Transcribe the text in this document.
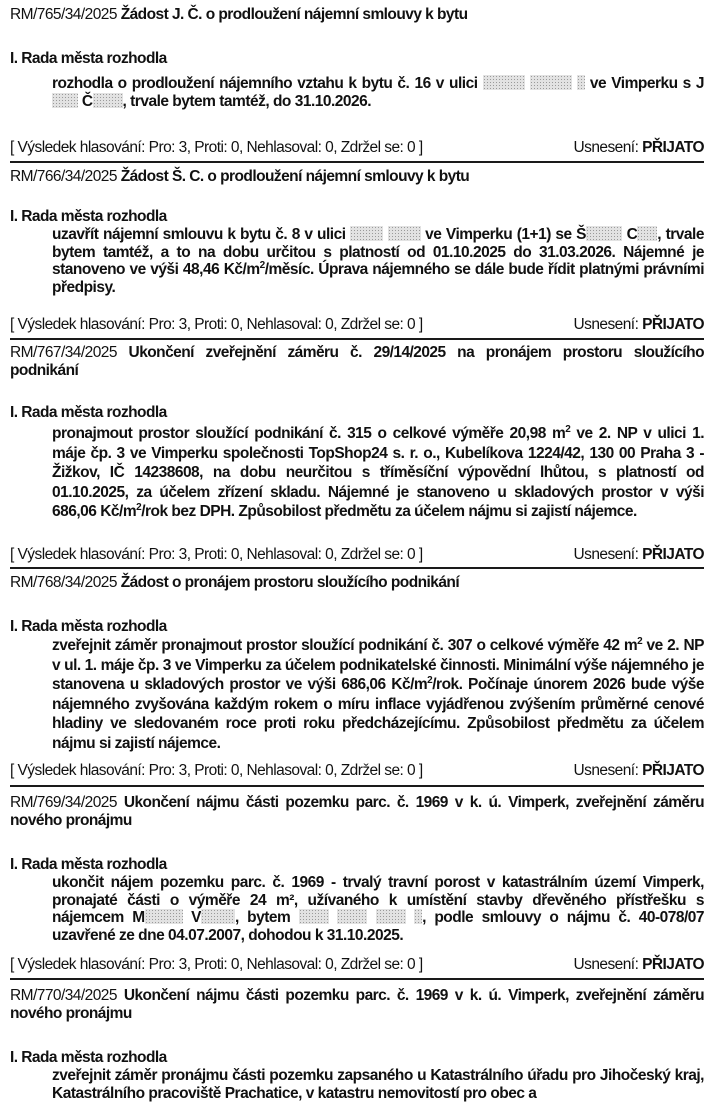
RM/765/34/2025 Žádost J. Č. o prodloužení nájemní smlouvy k bytu
I. Rada města rozhodla
rozhodla o prodloužení nájemního vztahu k bytu č. 16 v ulici	ve Vimperku s J Č , trvale bytem tamtéž, do 31.10.2026.
[ Výsledek hlasování: Pro: 3, Proti: 0, Nehlasoval: 0, Zdržel se: 0 ]	Usnesení: PŘIJATO
RM/766/34/2025 Žádost Š. C. o prodloužení nájemní smlouvy k bytu
I. Rada města rozhodla
uzavřít nájemní smlouvu k bytu č. 8 v ulici	ve Vimperku (1+1) se Š	C , trvale bytem tamtéž, a to na dobu určitou s platností od 01.10.2025 do 31.03.2026. Nájemné je stanoveno ve výši 48,46 $Kč/m^2$/měsíc. Úprava nájemného se dále bude řídit platnými právními předpisy.
[ Výsledek hlasování: Pro: 3, Proti: 0, Nehlasoval: 0, Zdržel se: 0 ]	Usnesení: PŘIJATO
RM/767/34/2025 Ukončení zveřejnění záměru č. 29/14/2025 na pronájem prostoru sloužícího podnikání
I. Rada města rozhodla
pronajmout prostor sloužící podnikání č. 315 o celkové výměře 20,98 $m^2$ ve 2. NP v ulici 1. máje čp. 3 ve Vimperku společnosti TopShop24 s. r. o., Kubelíkova 1224/42, 130 00 Praha 3 - Žižkov, IČ 14238608, na dobu neurčitou s tříměsíční výpovědní lhůtou, s platností od 01.10.2025, za účelem zřízení skladu. Nájemné je stanoveno u skladových prostor v výši 686,06 $Kč/m^2$/rok bez DPH. Způsobilost předmětu za účelem nájmu si zajistí nájemce.
[ Výsledek hlasování: Pro: 3, Proti: 0, Nehlasoval: 0, Zdržel se: 0 ]	Usnesení: PŘIJATO
RM/768/34/2025 Žádost o pronájem prostoru sloužícího podnikání
I. Rada města rozhodla
zveřejnit záměr pronajmout prostor sloužící podnikání č. 307 o celkové výměře 42 $m^2$ ve 2. NP v ul. 1. máje čp. 3 ve Vimperku za účelem podnikatelské činnosti. Minimální výše nájemného je stanovena u skladových prostor ve výši 686,06 $Kč/m^2$/rok. Počínaje únorem 2026 bude výše nájemného zvyšována každým rokem o míru inflace vyjádřenou zvýšením průměrné cenové hladiny ve sledovaném roce proti roku předcházejícímu. Způsobilost předmětu za účelem nájmu si zajistí nájemce.
[ Výsledek hlasování: Pro: 3, Proti: 0, Nehlasoval: 0, Zdržel se: 0 ]	Usnesení: PŘIJATO
RM/769/34/2025 Ukončení nájmu části pozemku parc. č. 1969 v k. ú. Vimperk, zveřejnění záměru nového pronájmu
I. Rada města rozhodla
ukončit nájem pozemku parc. č. 1969 - trvalý travní porost v katastrálním území Vimperk, pronajaté části o výměře 24 m², užívaného k umístění stavby dřevěného přístřešku s nájemcem M	V , bytem	, podle smlouvy o nájmu č. 40-078/07 uzavřené ze dne 04.07.2007, dohodou k 31.10.2025.
[ Výsledek hlasování: Pro: 3, Proti: 0, Nehlasoval: 0, Zdržel se: 0 ]	Usnesení: PŘIJATO
RM/770/34/2025 Ukončení nájmu části pozemku parc. č. 1969 v k. ú. Vimperk, zveřejnění záměru nového pronájmu
I. Rada města rozhodla
zveřejnit záměr pronájmu části pozemku zapsaného u Katastrálního úřadu pro Jihočeský kraj, Katastrálního pracoviště Prachatice, v katastru nemovitostí pro obec a
